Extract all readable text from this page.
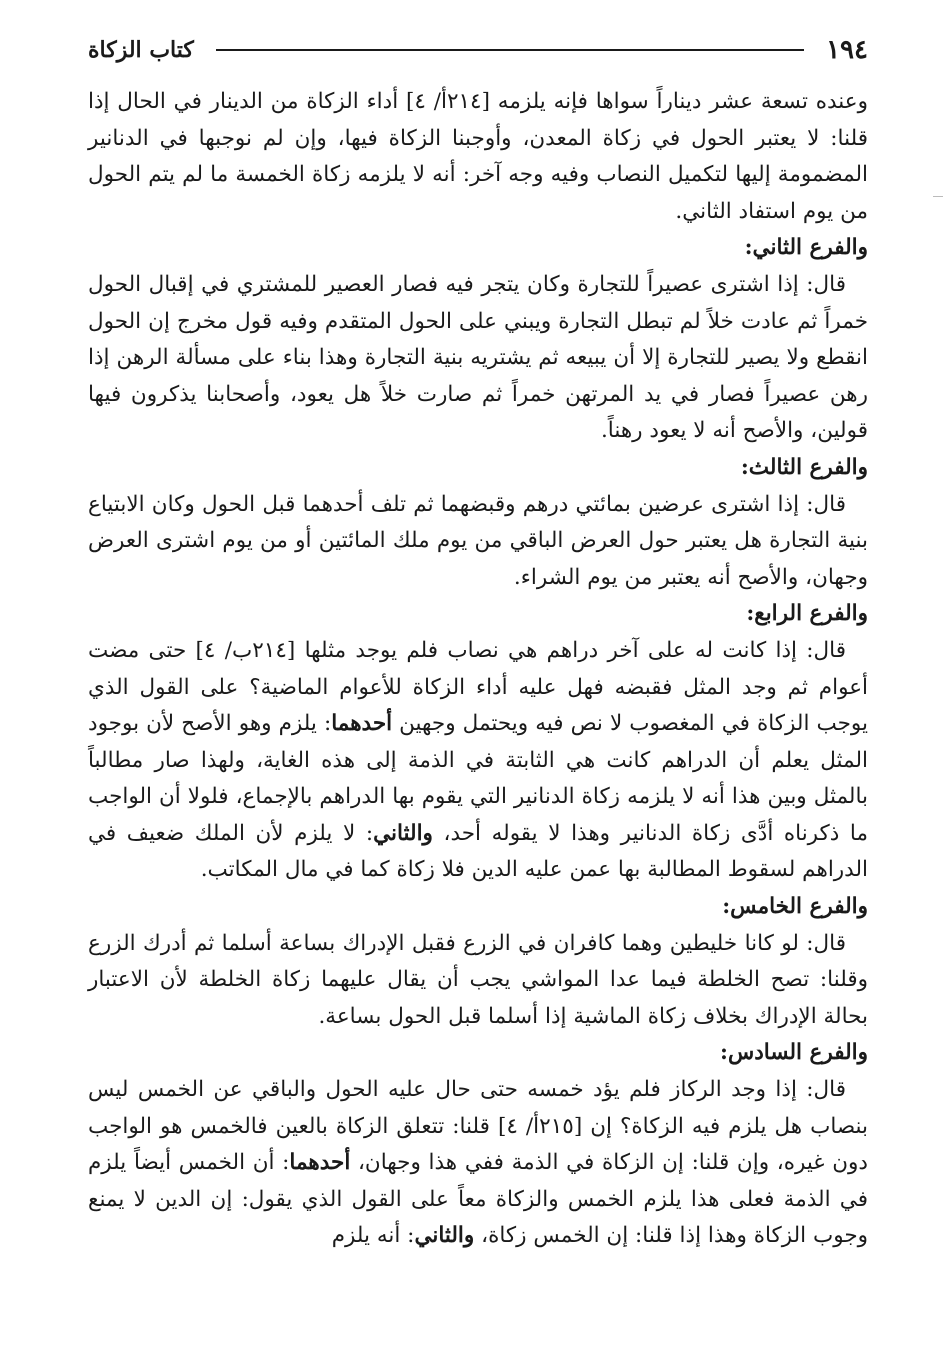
١٩٤
كتاب الزكاة

وعنده تسعة عشر ديناراً سواها فإنه يلزمه [٢١٤أ/ ٤] أداء الزكاة من الدينار في الحال إذا قلنا: لا يعتبر الحول في زكاة المعدن، وأوجبنا الزكاة فيها، وإن لم نوجبها في الدنانير المضمومة إليها لتكميل النصاب وفيه وجه آخر: أنه لا يلزمه زكاة الخمسة ما لم يتم الحول من يوم استفاد الثاني.

والفرع الثاني:

قال: إذا اشترى عصيراً للتجارة وكان يتجر فيه فصار العصير للمشتري في إقبال الحول خمراً ثم عادت خلاً لم تبطل التجارة ويبني على الحول المتقدم وفيه قول مخرج إن الحول انقطع ولا يصير للتجارة إلا أن يبيعه ثم يشتريه بنية التجارة وهذا بناء على مسألة الرهن إذا رهن عصيراً فصار في يد المرتهن خمراً ثم صارت خلاً هل يعود، وأصحابنا يذكرون فيها قولين، والأصح أنه لا يعود رهناً.

والفرع الثالث:

قال: إذا اشترى عرضين بمائتي درهم وقبضهما ثم تلف أحدهما قبل الحول وكان الابتياع بنية التجارة هل يعتبر حول العرض الباقي من يوم ملك المائتين أو من يوم اشترى العرض وجهان، والأصح أنه يعتبر من يوم الشراء.

والفرع الرابع:

قال: إذا كانت له على آخر دراهم هي نصاب فلم يوجد مثلها [٢١٤ب/ ٤] حتى مضت أعوام ثم وجد المثل فقبضه فهل عليه أداء الزكاة للأعوام الماضية؟ على القول الذي يوجب الزكاة في المغصوب لا نص فيه ويحتمل وجهين أحدهما: يلزم وهو الأصح لأن بوجود المثل يعلم أن الدراهم كانت هي الثابتة في الذمة إلى هذه الغاية، ولهذا صار مطالباً بالمثل وبين هذا أنه لا يلزمه زكاة الدنانير التي يقوم بها الدراهم بالإجماع، فلولا أن الواجب ما ذكرناه أدَّى زكاة الدنانير وهذا لا يقوله أحد، والثاني: لا يلزم لأن الملك ضعيف في الدراهم لسقوط المطالبة بها عمن عليه الدين فلا زكاة كما في مال المكاتب.

والفرع الخامس:

قال: لو كانا خليطين وهما كافران في الزرع فقبل الإدراك بساعة أسلما ثم أدرك الزرع وقلنا: تصح الخلطة فيما عدا المواشي يجب أن يقال عليهما زكاة الخلطة لأن الاعتبار بحالة الإدراك بخلاف زكاة الماشية إذا أسلما قبل الحول بساعة.

والفرع السادس:

قال: إذا وجد الركاز فلم يؤد خمسه حتى حال عليه الحول والباقي عن الخمس ليس بنصاب هل يلزم فيه الزكاة؟ إن [٢١٥أ/ ٤] قلنا: تتعلق الزكاة بالعين فالخمس هو الواجب دون غيره، وإن قلنا: إن الزكاة في الذمة ففي هذا وجهان، أحدهما: أن الخمس أيضاً يلزم في الذمة فعلى هذا يلزم الخمس والزكاة معاً على القول الذي يقول: إن الدين لا يمنع وجوب الزكاة وهذا إذا قلنا: إن الخمس زكاة، والثاني: أنه يلزم
